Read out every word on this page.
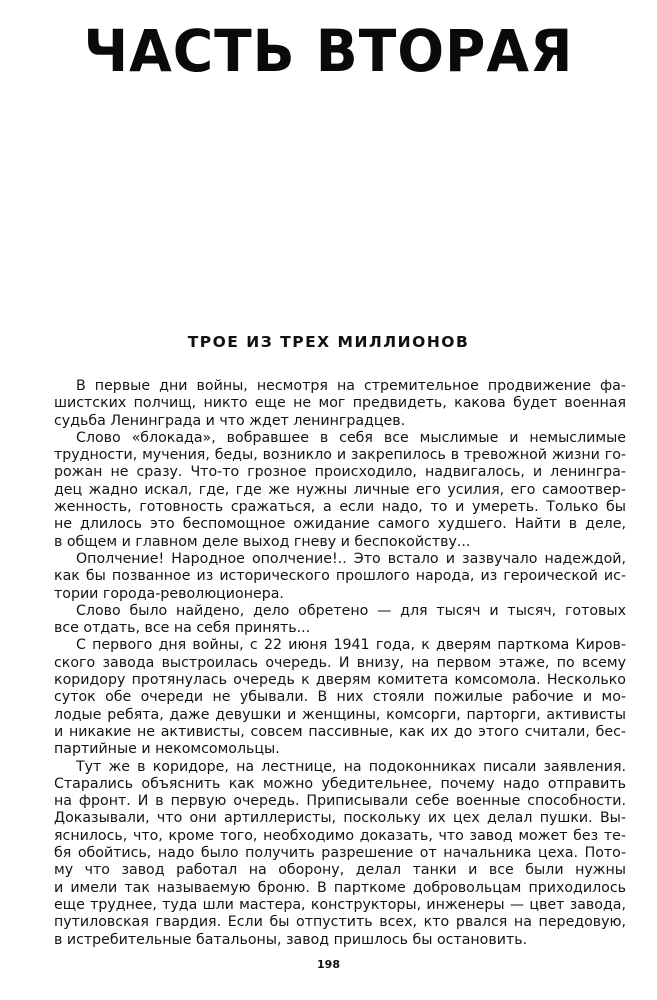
ЧАСТЬ ВТОРАЯ
ТРОЕ ИЗ ТРЕХ МИЛЛИОНОВ

В первые дни войны, несмотря на стремительное продвижение фа-
шистских полчищ, никто еще не мог предвидеть, какова будет военная
судьба Ленинграда и что ждет ленинградцев.

Слово «блокада», вобравшее в себя все мыслимые и немыслимые
трудности, мучения, беды, возникло и закрепилось в тревожной жизни го-
рожан не сразу. Что-то грозное происходило, надвигалось, и ленингра-
дец жадно искал, где, где же нужны личные его усилия, его самоотвер-
женность, готовность сражаться, а если надо, то и умереть. Только бы
не длилось это беспомощное ожидание самого худшего. Найти в деле,
в общем и главном деле выход гневу и беспокойству...

Ополчение! Народное ополчение!.. Это встало и зазвучало надеждой,
как бы позванное из исторического прошлого народа, из героической ис-
тории города-революционера.

Слово было найдено, дело обретено — для тысяч и тысяч, готовых
все отдать, все на себя принять...

С первого дня войны, с 22 июня 1941 года, к дверям парткома Киров-
ского завода выстроилась очередь. И внизу, на первом этаже, по всему
коридору протянулась очередь к дверям комитета комсомола. Несколько
суток обе очереди не убывали. В них стояли пожилые рабочие и мо-
лодые ребята, даже девушки и женщины, комсорги, парторги, активисты
и никакие не активисты, совсем пассивные, как их до этого считали, бес-
партийные и некомсомольцы.

Тут же в коридоре, на лестнице, на подоконниках писали заявления.
Старались объяснить как можно убедительнее, почему надо отправить
на фронт. И в первую очередь. Приписывали себе военные способности.
Доказывали, что они артиллеристы, поскольку их цех делал пушки. Вы-
яснилось, что, кроме того, необходимо доказать, что завод может без те-
бя обойтись, надо было получить разрешение от начальника цеха. Пото-
му что завод работал на оборону, делал танки и все были нужны
и имели так называемую броню. В парткоме добровольцам приходилось
еще труднее, туда шли мастера, конструкторы, инженеры — цвет завода,
путиловская гвардия. Если бы отпустить всех, кто рвался на передовую,
в истребительные батальоны, завод пришлось бы остановить.

198
